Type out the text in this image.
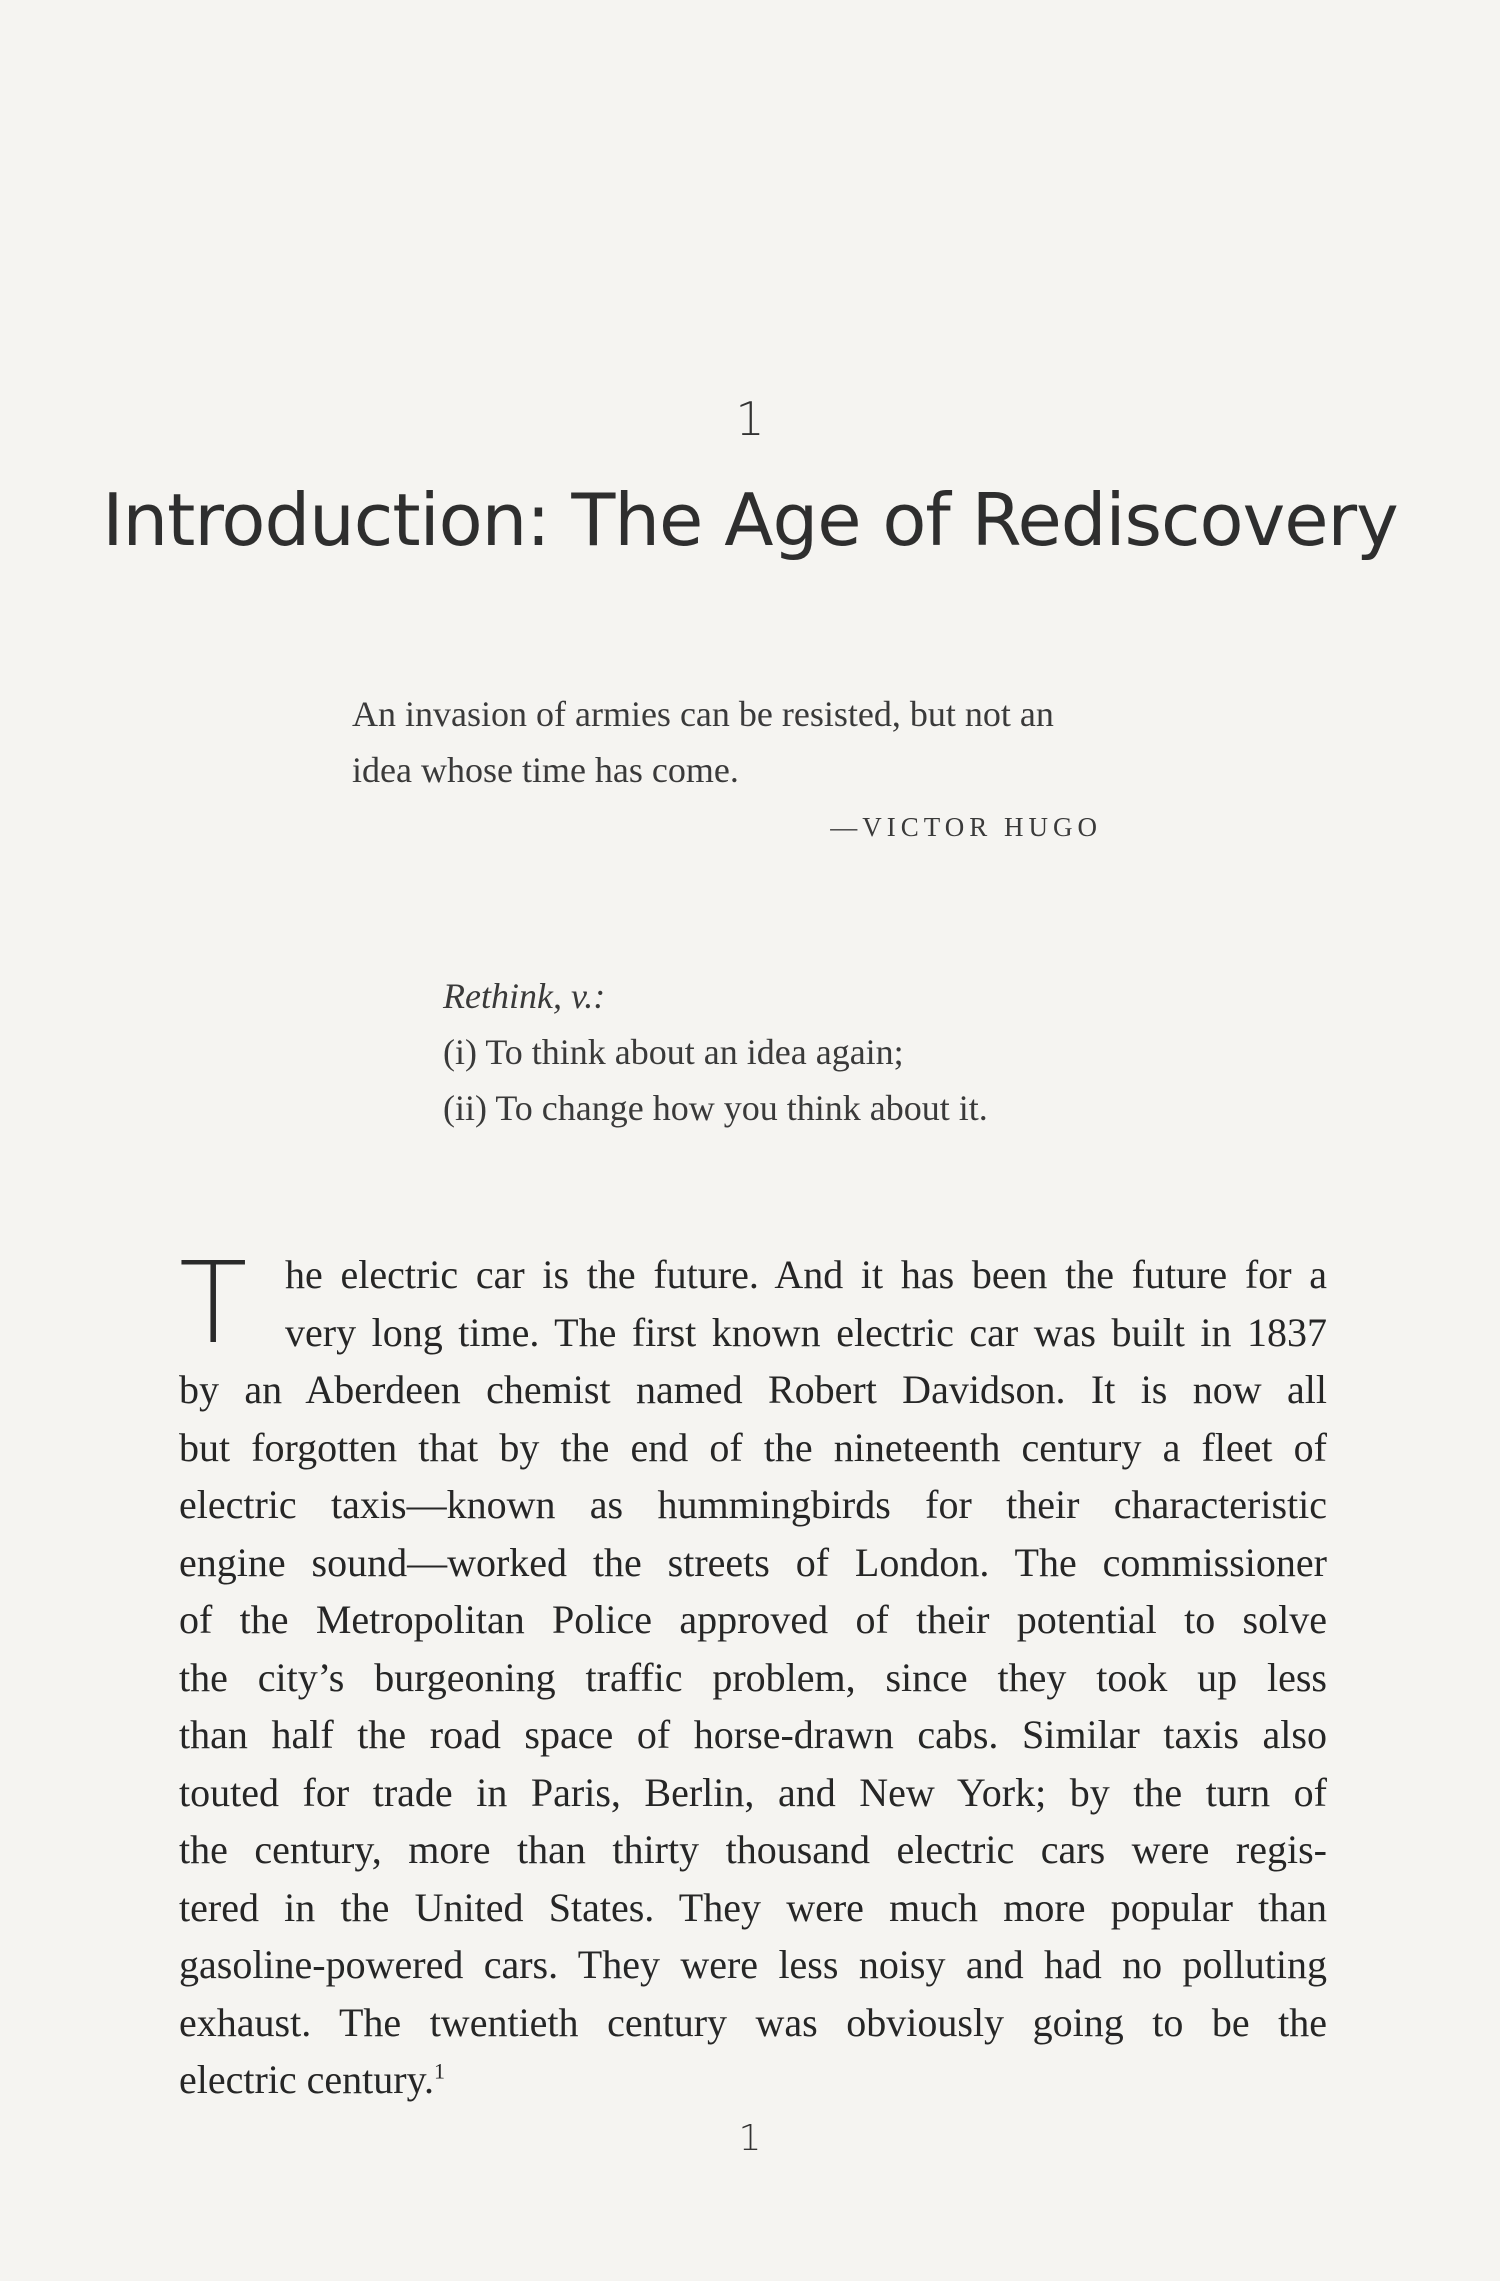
1
Introduction: The Age of Rediscovery
An invasion of armies can be resisted, but not an
idea whose time has come.
—VICTOR HUGO
Rethink, v.:
(i) To think about an idea again;
(ii) To change how you think about it.
T he electric car is the future. And it has been the future for a
very long time. The first known electric car was built in 1837
by an Aberdeen chemist named Robert Davidson. It is now all
but forgotten that by the end of the nineteenth century a fleet of
electric taxis—known as hummingbirds for their characteristic
engine sound—worked the streets of London. The commissioner
of the Metropolitan Police approved of their potential to solve
the city’s burgeoning traffic problem, since they took up less
than half the road space of horse-drawn cabs. Similar taxis also
touted for trade in Paris, Berlin, and New York; by the turn of
the century, more than thirty thousand electric cars were regis-
tered in the United States. They were much more popular than
gasoline-powered cars. They were less noisy and had no polluting
exhaust. The twentieth century was obviously going to be the
electric century.$^1$
1
